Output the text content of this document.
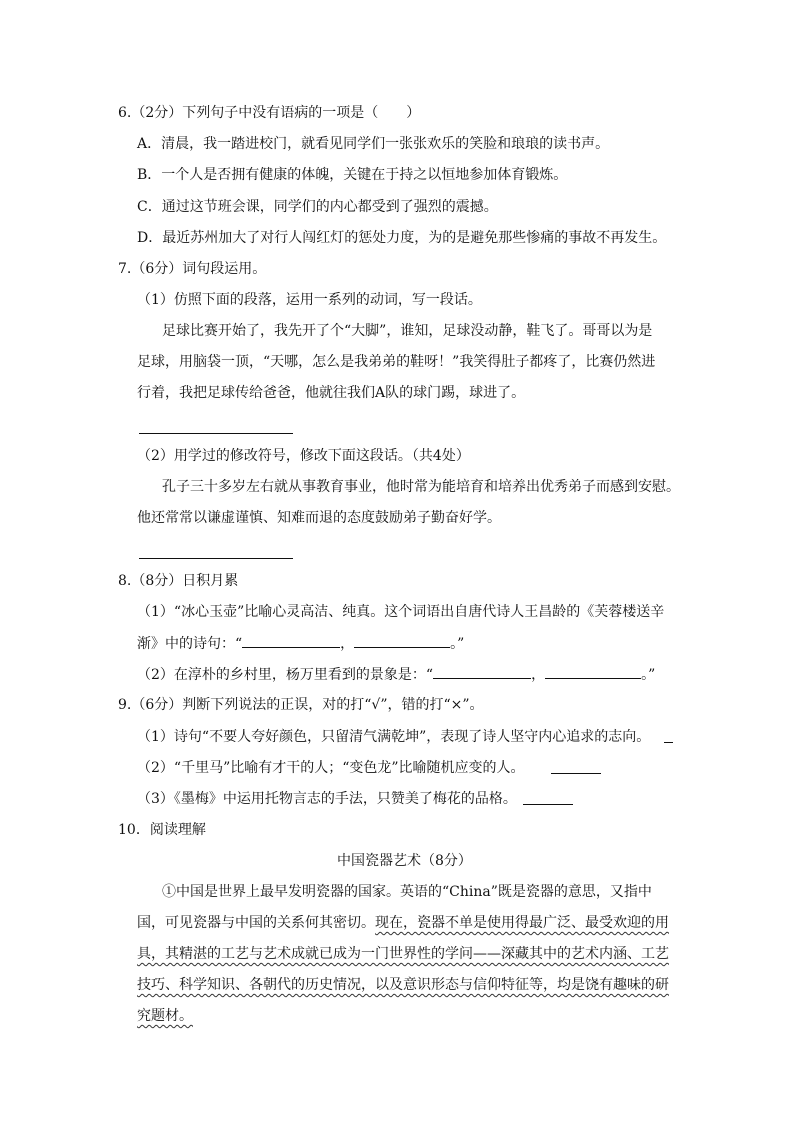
6.（2分）下列句子中没有语病的一项是（　　）
A．清晨，我一踏进校门，就看见同学们一张张欢乐的笑脸和琅琅的读书声。
B．一个人是否拥有健康的体魄，关键在于持之以恒地参加体育锻炼。
C．通过这节班会课，同学们的内心都受到了强烈的震撼。
D．最近苏州加大了对行人闯红灯的惩处力度，为的是避免那些惨痛的事故不再发生。
7.（6分）词句段运用。
（1）仿照下面的段落，运用一系列的动词，写一段话。
足球比赛开始了，我先开了个“大脚”，谁知，足球没动静，鞋飞了。哥哥以为是
足球，用脑袋一顶，“天哪，怎么是我弟弟的鞋呀！”我笑得肚子都疼了，比赛仍然进
行着，我把足球传给爸爸，他就往我们A队的球门踢，球进了。
（2）用学过的修改符号，修改下面这段话。（共4处）
孔子三十多岁左右就从事教育事业，他时常为能培育和培养出优秀弟子而感到安慰。
他还常常以谦虚谨慎、知难而退的态度鼓励弟子勤奋好学。
8.（8分）日积月累
（1）“冰心玉壶”比喻心灵高洁、纯真。这个词语出自唐代诗人王昌龄的《芙蓉楼送辛
渐》中的诗句：“	，	。”
（2）在淳朴的乡村里，杨万里看到的景象是：“	，	。”
9.（6分）判断下列说法的正误，对的打“√”，错的打“×”。
（1）诗句“不要人夸好颜色，只留清气满乾坤”，表现了诗人坚守内心追求的志向。
（2）“千里马”比喻有才干的人；“变色龙”比喻随机应变的人。
（3）《墨梅》中运用托物言志的手法，只赞美了梅花的品格。
10．阅读理解
中国瓷器艺术（8分）
①中国是世界上最早发明瓷器的国家。英语的“China”既是瓷器的意思，又指中
国，可见瓷器与中国的关系何其密切。现在，瓷器不单是使用得最广泛、最受欢迎的用
具，其精湛的工艺与艺术成就已成为一门世界性的学问——深藏其中的艺术内涵、工艺
技巧、科学知识、各朝代的历史情况，以及意识形态与信仰特征等，均是饶有趣味的研
究题材。
